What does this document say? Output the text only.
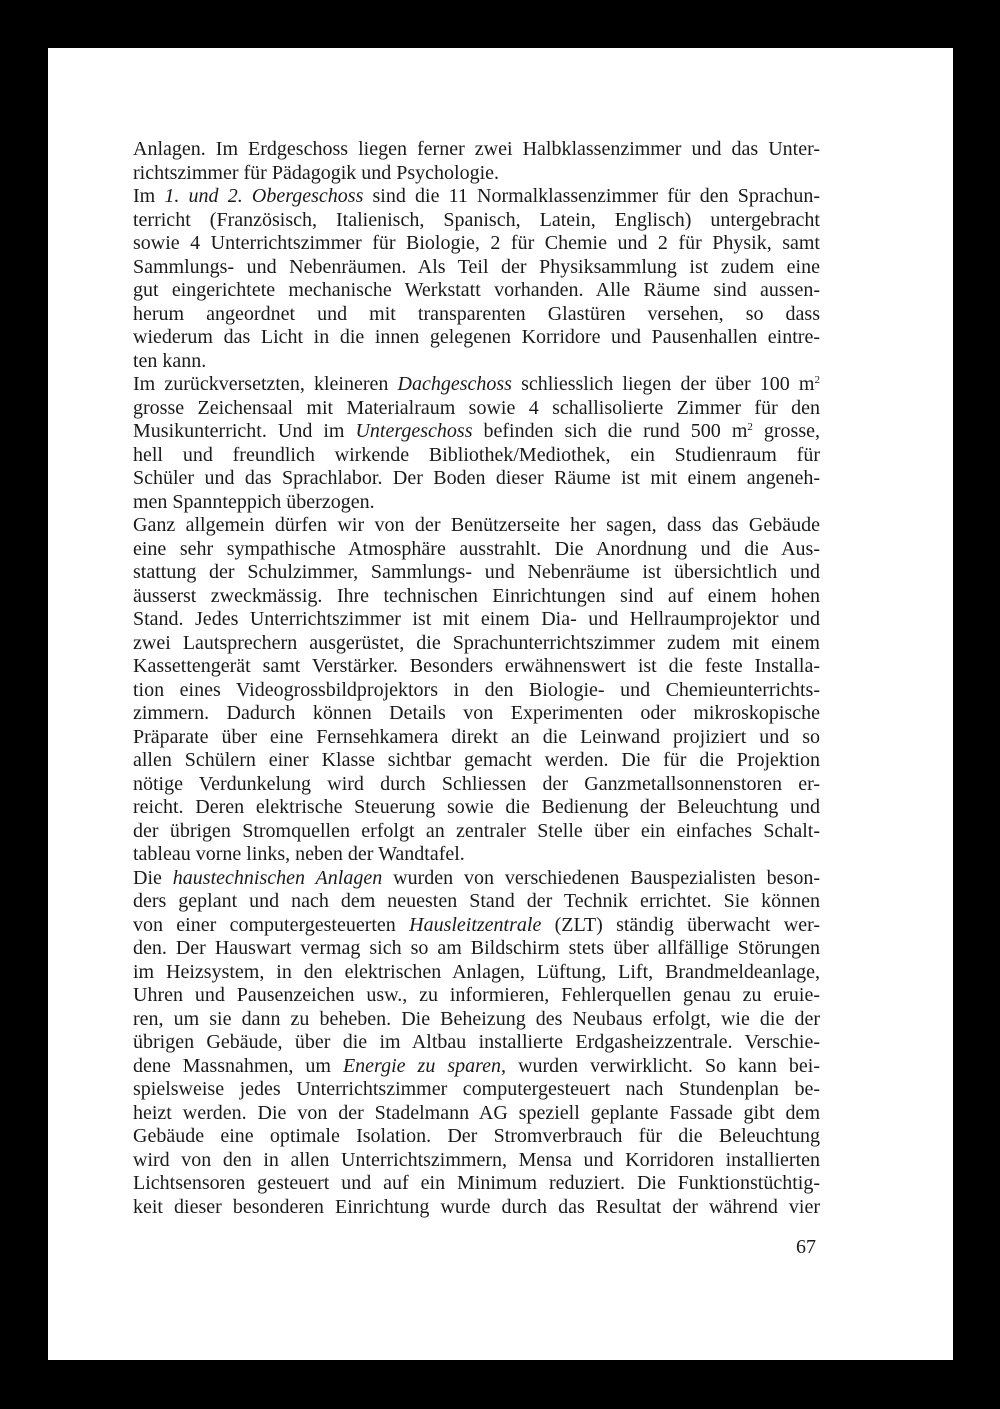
Anlagen. Im Erdgeschoss liegen ferner zwei Halbklassenzimmer und das Unter-
richtszimmer für Pädagogik und Psychologie.
Im 1. und 2. Obergeschoss sind die 11 Normalklassenzimmer für den Sprachun-
terricht (Französisch, Italienisch, Spanisch, Latein, Englisch) untergebracht
sowie 4 Unterrichtszimmer für Biologie, 2 für Chemie und 2 für Physik, samt
Sammlungs- und Nebenräumen. Als Teil der Physiksammlung ist zudem eine
gut eingerichtete mechanische Werkstatt vorhanden. Alle Räume sind aussen-
herum angeordnet und mit transparenten Glastüren versehen, so dass
wiederum das Licht in die innen gelegenen Korridore und Pausenhallen eintre-
ten kann.
Im zurückversetzten, kleineren Dachgeschoss schliesslich liegen der über 100 $m^2$
grosse Zeichensaal mit Materialraum sowie 4 schallisolierte Zimmer für den
Musikunterricht. Und im Untergeschoss befinden sich die rund 500 $m^2$ grosse,
hell und freundlich wirkende Bibliothek/Mediothek, ein Studienraum für
Schüler und das Sprachlabor. Der Boden dieser Räume ist mit einem angeneh-
men Spannteppich überzogen.
Ganz allgemein dürfen wir von der Benützerseite her sagen, dass das Gebäude
eine sehr sympathische Atmosphäre ausstrahlt. Die Anordnung und die Aus-
stattung der Schulzimmer, Sammlungs- und Nebenräume ist übersichtlich und
äusserst zweckmässig. Ihre technischen Einrichtungen sind auf einem hohen
Stand. Jedes Unterrichtszimmer ist mit einem Dia- und Hellraumprojektor und
zwei Lautsprechern ausgerüstet, die Sprachunterrichtszimmer zudem mit einem
Kassettengerät samt Verstärker. Besonders erwähnenswert ist die feste Installa-
tion eines Videogrossbildprojektors in den Biologie- und Chemieunterrichts-
zimmern. Dadurch können Details von Experimenten oder mikroskopische
Präparate über eine Fernsehkamera direkt an die Leinwand projiziert und so
allen Schülern einer Klasse sichtbar gemacht werden. Die für die Projektion
nötige Verdunkelung wird durch Schliessen der Ganzmetallsonnenstoren er-
reicht. Deren elektrische Steuerung sowie die Bedienung der Beleuchtung und
der übrigen Stromquellen erfolgt an zentraler Stelle über ein einfaches Schalt-
tableau vorne links, neben der Wandtafel.
Die haustechnischen Anlagen wurden von verschiedenen Bauspezialisten beson-
ders geplant und nach dem neuesten Stand der Technik errichtet. Sie können
von einer computergesteuerten Hausleitzentrale (ZLT) ständig überwacht wer-
den. Der Hauswart vermag sich so am Bildschirm stets über allfällige Störungen
im Heizsystem, in den elektrischen Anlagen, Lüftung, Lift, Brandmeldeanlage,
Uhren und Pausenzeichen usw., zu informieren, Fehlerquellen genau zu eruie-
ren, um sie dann zu beheben. Die Beheizung des Neubaus erfolgt, wie die der
übrigen Gebäude, über die im Altbau installierte Erdgasheizzentrale. Verschie-
dene Massnahmen, um Energie zu sparen, wurden verwirklicht. So kann bei-
spielsweise jedes Unterrichtszimmer computergesteuert nach Stundenplan be-
heizt werden. Die von der Stadelmann AG speziell geplante Fassade gibt dem
Gebäude eine optimale Isolation. Der Stromverbrauch für die Beleuchtung
wird von den in allen Unterrichtszimmern, Mensa und Korridoren installierten
Lichtsensoren gesteuert und auf ein Minimum reduziert. Die Funktionstüchtig-
keit dieser besonderen Einrichtung wurde durch das Resultat der während vier
67
